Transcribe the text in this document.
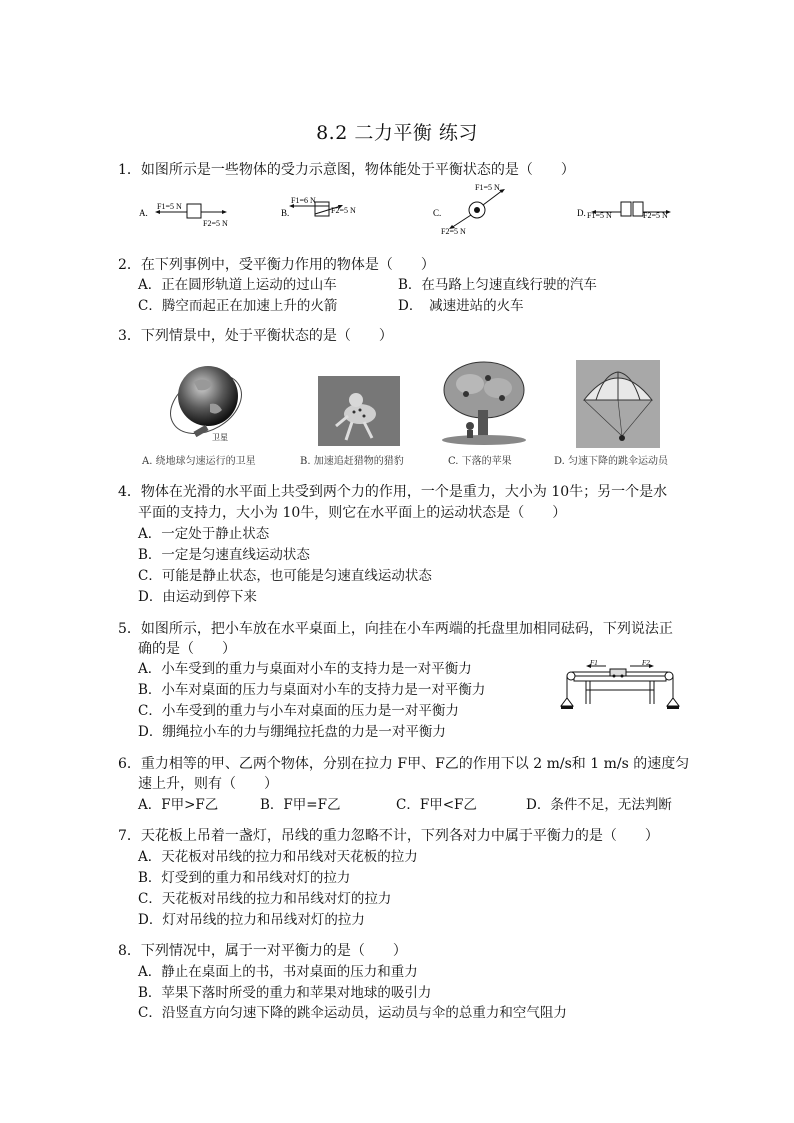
8.2 二力平衡 练习
1．如图所示是一些物体的受力示意图，物体能处于平衡状态的是（　　）
A.
F1=5 N
F2=5 N
B.
F1=6 N
F2=5 N	C.
F1=5 N
F2=5 N
D. F1=5 N	F2=5 N
2．在下列事例中，受平衡力作用的物体是（　　）
A．正在圆形轨道上运动的过山车	B．在马路上匀速直线行驶的汽车
C．腾空而起正在加速上升的火箭	D．　减速进站的火车
3．下列情景中，处于平衡状态的是（　　）
卫星
A. 绕地球匀速运行的卫星	B. 加速追赶猎物的猎豹	C. 下落的苹果	D. 匀速下降的跳伞运动员
4．物体在光滑的水平面上共受到两个力的作用，一个是重力，大小为 10牛；另一个是水
平面的支持力，大小为 10牛，则它在水平面上的运动状态是（　　）
A．一定处于静止状态
B．一定是匀速直线运动状态
C．可能是静止状态，也可能是匀速直线运动状态
D．由运动到停下来
5．如图所示，把小车放在水平桌面上，向挂在小车两端的托盘里加相同砝码，下列说法正
确的是（　　）
A．小车受到的重力与桌面对小车的支持力是一对平衡力
B．小车对桌面的压力与桌面对小车的支持力是一对平衡力
C．小车受到的重力与小车对桌面的压力是一对平衡力
D．绷绳拉小车的力与绷绳拉托盘的力是一对平衡力
F1	F2
6．重力相等的甲、乙两个物体，分别在拉力 F甲、F乙的作用下以 2 m/s和 1 m/s 的速度匀
速上升，则有（　　）
A．F甲>F乙	B．F甲=F乙	C．F甲<F乙	D．条件不足，无法判断
7．天花板上吊着一盏灯，吊线的重力忽略不计，下列各对力中属于平衡力的是（　　）
A．天花板对吊线的拉力和吊线对天花板的拉力
B．灯受到的重力和吊线对灯的拉力
C．天花板对吊线的拉力和吊线对灯的拉力
D．灯对吊线的拉力和吊线对灯的拉力
8．下列情况中，属于一对平衡力的是（　　）
A．静止在桌面上的书，书对桌面的压力和重力
B．苹果下落时所受的重力和苹果对地球的吸引力
C．沿竖直方向匀速下降的跳伞运动员，运动员与伞的总重力和空气阻力
